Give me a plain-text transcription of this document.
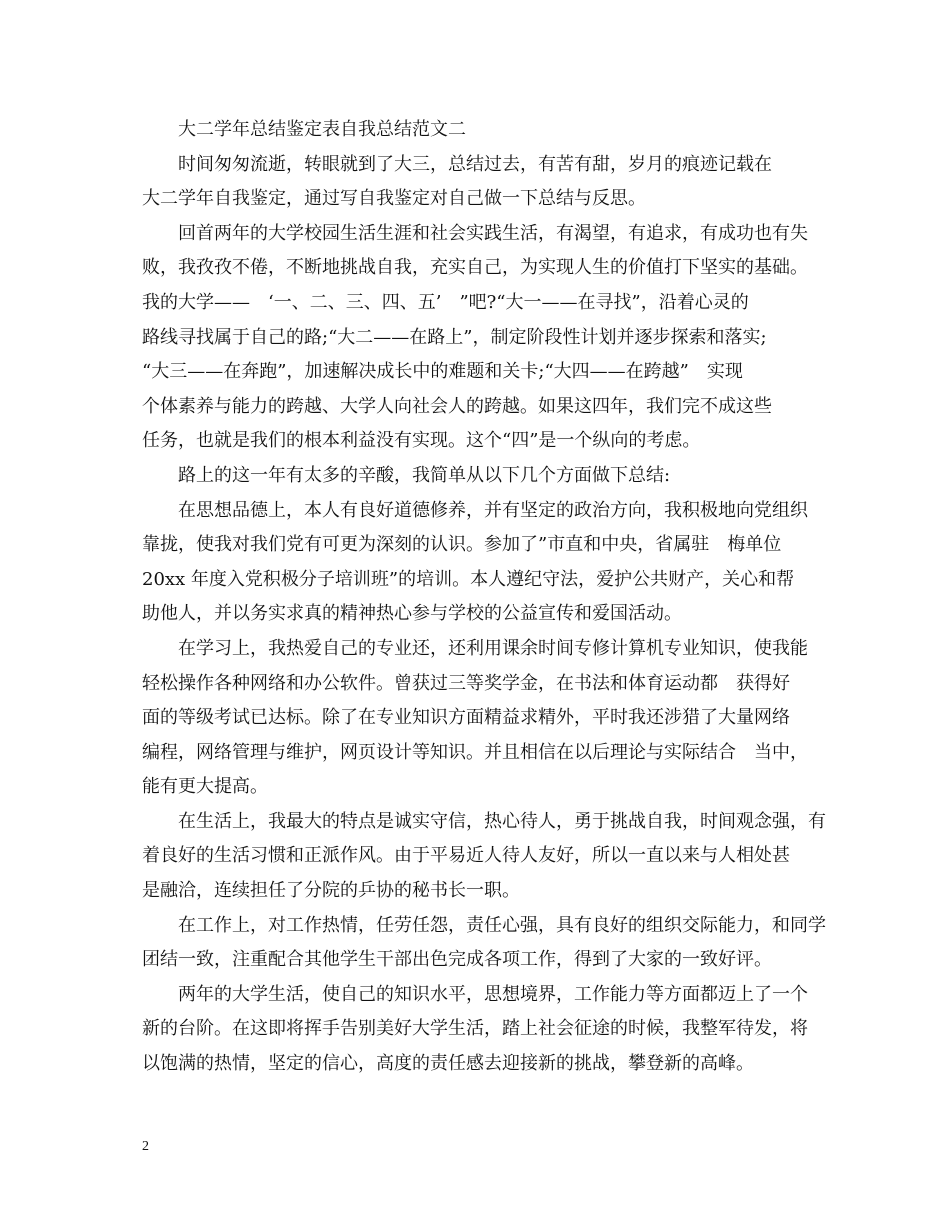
大二学年总结鉴定表自我总结范文二

时间匆匆流逝，转眼就到了大三，总结过去，有苦有甜，岁月的痕迹记载在
大二学年自我鉴定，通过写自我鉴定对自己做一下总结与反思。

回首两年的大学校园生活生涯和社会实践生活，有渴望，有追求，有成功也有失
败，我孜孜不倦，不断地挑战自我，充实自己，为实现人生的价值打下坚实的基础。
我的大学——　‘一、二、三、四、五’　”吧?“大一——在寻找”，沿着心灵的
路线寻找属于自己的路;“大二——在路上”，制定阶段性计划并逐步探索和落实;
“大三——在奔跑”，加速解决成长中的难题和关卡;“大四——在跨越”　实现
个体素养与能力的跨越、大学人向社会人的跨越。如果这四年，我们完不成这些
任务，也就是我们的根本利益没有实现。这个“四”是一个纵向的考虑。

路上的这一年有太多的辛酸，我简单从以下几个方面做下总结:

在思想品德上，本人有良好道德修养，并有坚定的政治方向，我积极地向党组织
靠拢，使我对我们党有可更为深刻的认识。参加了”市直和中央，省属驻　梅单位
20xx 年度入党积极分子培训班”的培训。本人遵纪守法，爱护公共财产，关心和帮
助他人，并以务实求真的精神热心参与学校的公益宣传和爱国活动。

在学习上，我热爱自己的专业还，还利用课余时间专修计算机专业知识，使我能
轻松操作各种网络和办公软件。曾获过三等奖学金，在书法和体育运动都　获得好
面的等级考试已达标。除了在专业知识方面精益求精外，平时我还涉猎了大量网络
编程，网络管理与维护，网页设计等知识。并且相信在以后理论与实际结合　当中，
能有更大提高。

在生活上，我最大的特点是诚实守信，热心待人，勇于挑战自我，时间观念强，有
着良好的生活习惯和正派作风。由于平易近人待人友好，所以一直以来与人相处甚
是融洽，连续担任了分院的乒协的秘书长一职。

在工作上，对工作热情，任劳任怨，责任心强，具有良好的组织交际能力，和同学
团结一致，注重配合其他学生干部出色完成各项工作，得到了大家的一致好评。

两年的大学生活，使自己的知识水平，思想境界，工作能力等方面都迈上了一个
新的台阶。在这即将挥手告别美好大学生活，踏上社会征途的时候，我整军待发，将
以饱满的热情，坚定的信心，高度的责任感去迎接新的挑战，攀登新的高峰。

2
